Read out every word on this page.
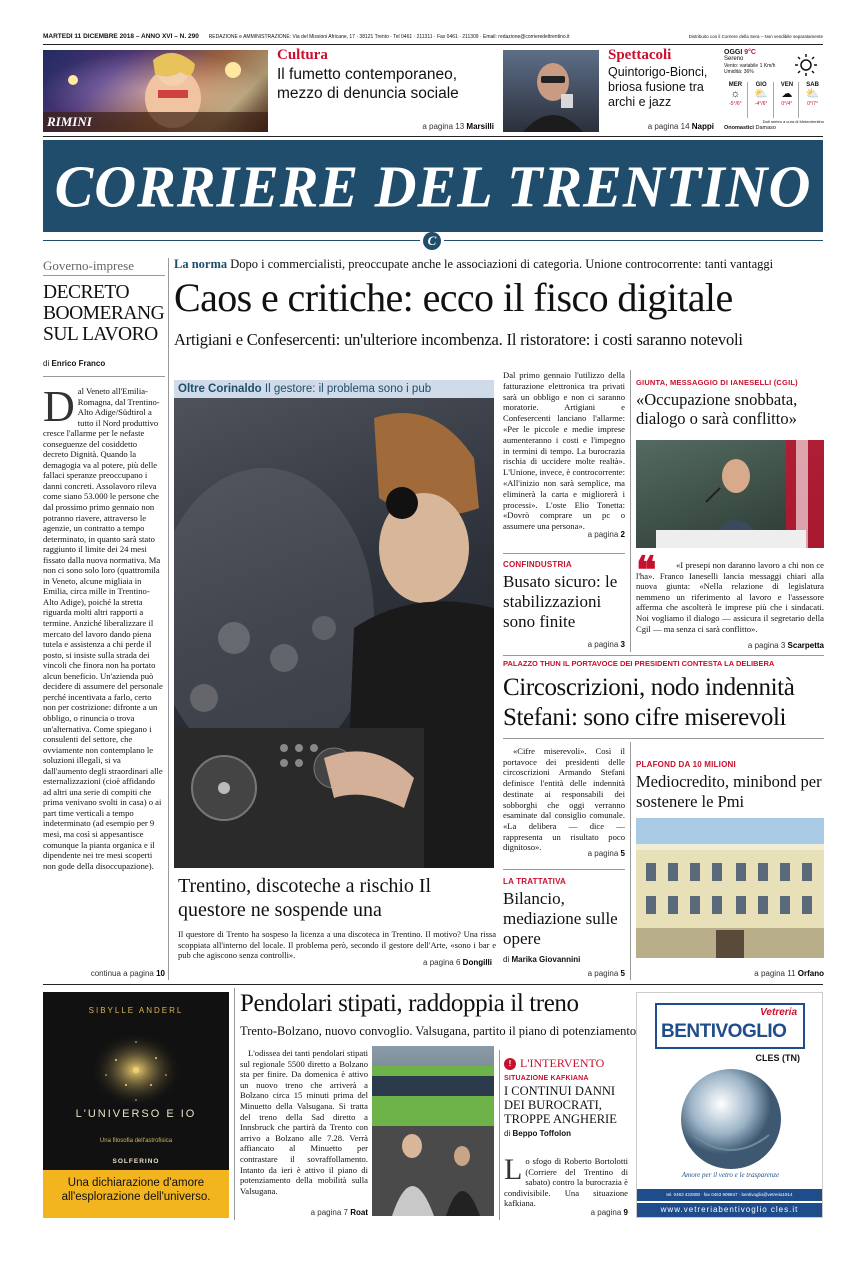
MARTEDÌ 11 DICEMBRE 2018 – ANNO XVI – N. 290 REDAZIONE e AMMINISTRAZIONE: Via del Missioni Africane, 17 · 38121 Trento · Tel 0461 · 211311 · Fax 0461 · 211309 · Email: redazione@corrieredeltrentino.it	Distribuito con il Corriere della Sera – Non vendibile separatamente
RIMINI
Cultura
Il fumetto contemporaneo, mezzo di denuncia sociale
a pagina 13 Marsilli
Spettacoli
Quintorigo-Bionci, briosa fusione tra archi e jazz
a pagina 14 Nappi
OGGI 9°C
Sereno
Vento: variabile 1 Km/h
Umidità: 36%
MER
☼
-5°/6°
GIO
⛅
-4°/6°
VEN
☁
0°/4°
SAB
⛅
0°/7°
Dati meteo a cura di Meteotrentino
Onomastici Damaso
CORRIERE DEL TRENTINO
C
Governo-imprese
DECRETO BOOMERANG SUL LAVORO
di Enrico Franco
D al Veneto all'Emilia-Romagna, dal Trentino-Alto Adige/Südtirol a tutto il Nord produttivo cresce l'allarme per le nefaste conseguenze del cosiddetto decreto Dignità. Quando la demagogia va al potere, più delle fallaci speranze preoccupano i danni concreti. Assolavoro rileva come siano 53.000 le persone che dal prossimo primo gennaio non potranno riavere, attraverso le agenzie, un contratto a tempo determinato, in quanto sarà stato raggiunto il limite dei 24 mesi fissato dalla nuova normativa. Ma non ci sono solo loro (quattromila in Veneto, alcune migliaia in Emilia, circa mille in Trentino-Alto Adige), poiché la stretta riguarda molti altri rapporti a termine. Anziché liberalizzare il mercato del lavoro dando piena tutela e assistenza a chi perde il posto, si insiste sulla strada dei vincoli che finora non ha portato alcun beneficio. Un'azienda può decidere di assumere del personale perché incentivata a farlo, certo non per costrizione: difronte a un obbligo, o rinuncia o trova un'alternativa. Come spiegano i consulenti del settore, che ovviamente non contemplano le soluzioni illegali, si va dall'aumento degli straordinari alle esternalizzazioni (cioè affidando ad altri una serie di compiti che prima venivano svolti in casa) o ai part time verticali a tempo indeterminato (ad esempio per 9 mesi, ma così si appesantisce comunque la pianta organica e il dipendente nei tre mesi scoperti non gode della disoccupazione).

continua a pagina 10
La norma Dopo i commercialisti, preoccupate anche le associazioni di categoria. Unione controcorrente: tanti vantaggi
Caos e critiche: ecco il fisco digitale
Artigiani e Confesercenti: un'ulteriore incombenza. Il ristoratore: i costi saranno notevoli
Oltre Corinaldo Il gestore: il problema sono i pub
Trentino, discoteche a rischio Il questore ne sospende una

Il questore di Trento ha sospeso la licenza a una discoteca in Trentino. Il motivo? Una rissa scoppiata all'interno del locale. Il problema però, secondo il gestore dell'Arte, «sono i bar e pub che agiscono senza controlli».

a pagina 6 Dongilli

Dal primo gennaio l'utilizzo della fatturazione elettronica tra privati sarà un obbligo e non ci saranno moratorie. Artigiani e Confesercenti lanciano l'allarme: «Per le piccole e medie imprese aumenteranno i costi e l'impegno in termini di tempo. La burocrazia rischia di uccidere molte realtà». L'Unione, invece, è controcorrente: «All'inizio non sarà semplice, ma eliminerà la carta e migliorerà i processi». L'oste Elio Tonetta: «Dovrò comprare un pc o assumere una persona».

a pagina 2
CONFINDUSTRIA
Busato sicuro: le stabilizzazioni sono finite
a pagina 3
GIUNTA, MESSAGGIO DI IANESELLI (CGIL)
«Occupazione snobbata, dialogo o sarà conflitto»
❝	«I presepi non daranno lavoro a chi non ce l'ha». Franco Ianeselli lancia messaggi chiari alla nuova giunta: «Nella relazione di legislatura nemmeno un riferimento al lavoro e l'assessore afferma che ascolterà le imprese più che i sindacati. Noi vogliamo il dialogo — assicura il segretario della Cgil — ma senza ci sarà conflitto».

a pagina 3 Scarpetta
PALAZZO THUN IL PORTAVOCE DEI PRESIDENTI CONTESTA LA DELIBERA
Circoscrizioni, nodo indennità Stefani: sono cifre miserevoli

«Cifre miserevoli». Così il portavoce dei presidenti delle circoscrizioni Armando Stefani definisce l'entità delle indennità destinate ai responsabili dei sobborghi che oggi verranno esaminate dal consiglio comunale. «La delibera — dice — rappresenta un risultato poco dignitoso».

a pagina 5
LA TRATTATIVA
Bilancio, mediazione sulle opere
di Marika Giovannini
a pagina 5
PLAFOND DA 10 MILIONI
Mediocredito, minibond per sostenere le Pmi
a pagina 11 Orfano
SIBYLLE ANDERL
L'UNIVERSO E IO
Una filosofia dell'astrofisica
SOLFERINO
Una dichiarazione d'amore all'esplorazione dell'universo.
Pendolari stipati, raddoppia il treno
Trento-Bolzano, nuovo convoglio. Valsugana, partito il piano di potenziamento

L'odissea dei tanti pendolari stipati sul regionale 5500 diretto a Bolzano sta per finire. Da domenica è attivo un nuovo treno che arriverà a Bolzano circa 15 minuti prima del Minuetto della Valsugana. Si tratta del treno della Sad diretto a Innsbruck che partirà da Trento con arrivo a Bolzano alle 7.28. Verrà affiancato al Minuetto per contrastare il sovraffollamento. Intanto da ieri è attivo il piano di potenziamento della mobilità sulla Valsugana.

a pagina 7 Roat
! L'INTERVENTO
SITUAZIONE KAFKIANA
I CONTINUI DANNI DEI BUROCRATI, TROPPE ANGHERIE
di Beppo Toffolon
L o sfogo di Roberto Bortolotti (Corriere del Trentino di sabato) contro la burocrazia è condivisibile. Una situazione kafkiana.

a pagina 9
Vetreria
BENTIVOGLIO
CLES (TN)
Amore per il vetro e le trasparenze
tel. 0463 422808 · fax 0463 609847 · bentivoglio@vetreria1914
www.vetreriabentivoglio cles.it
